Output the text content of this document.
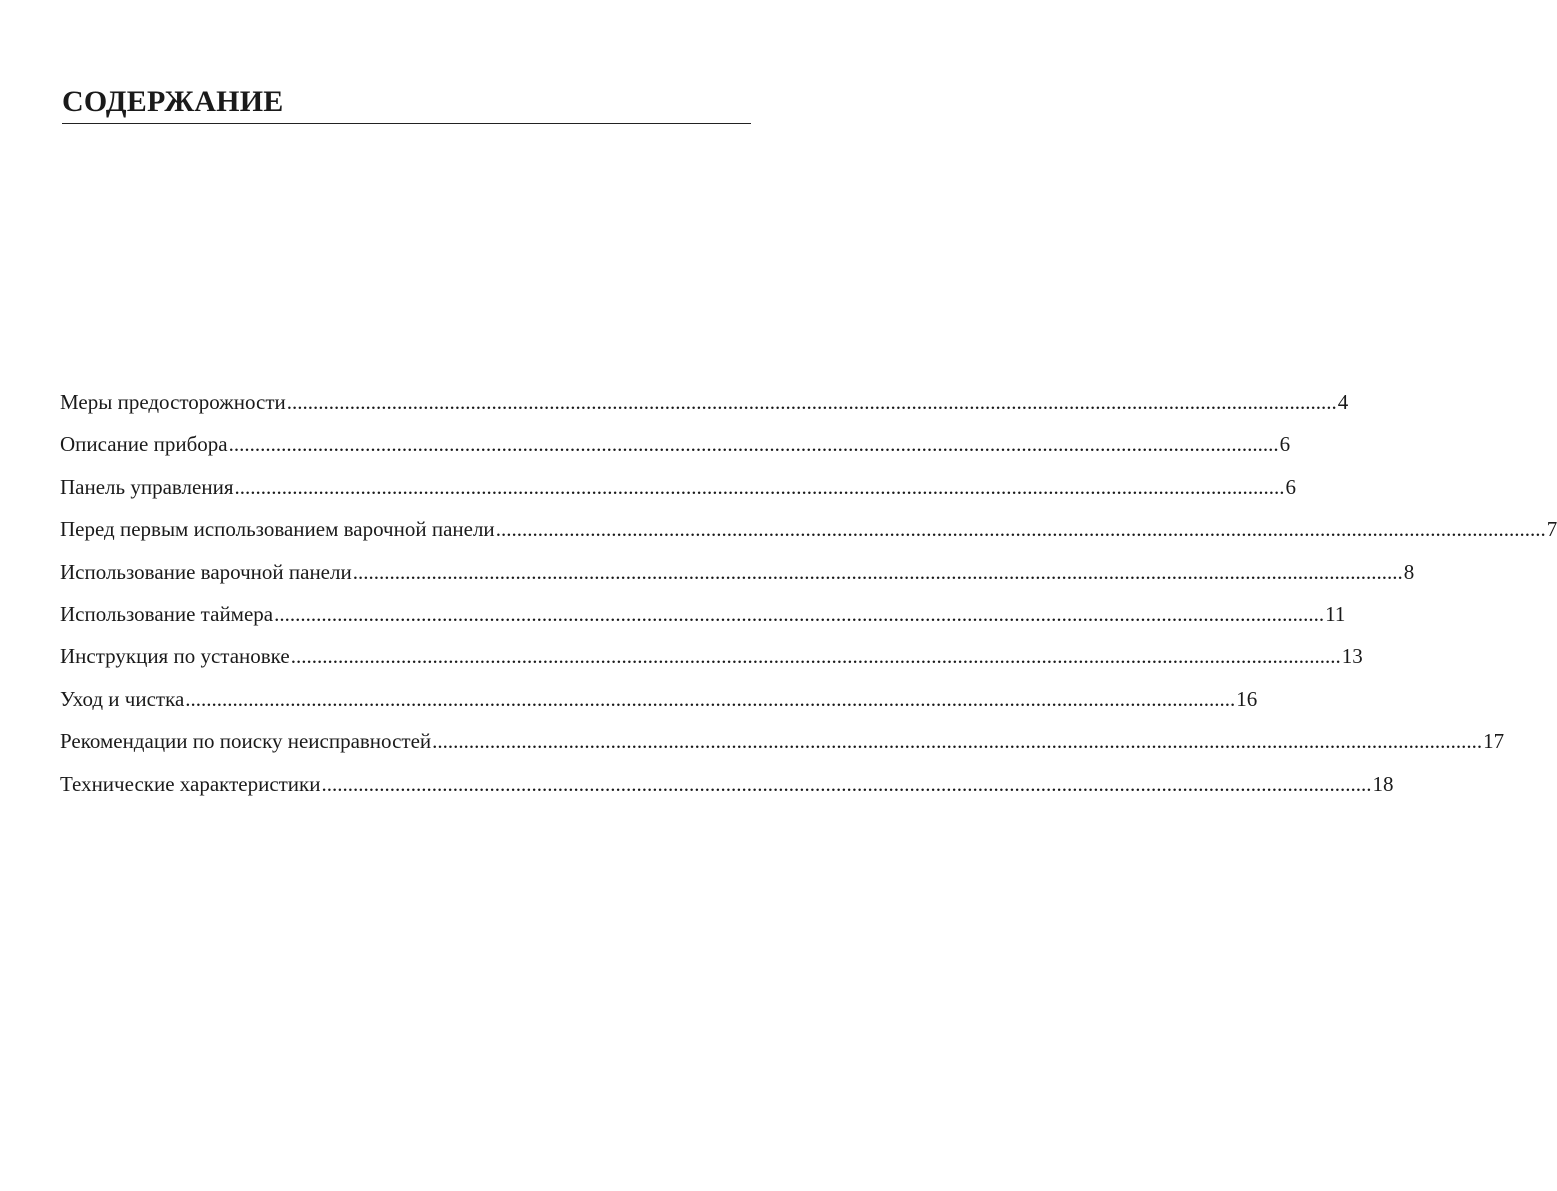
СОДЕРЖАНИЕ
Меры предосторожности ........................................................................................................................................................................................................ 4
Описание прибора ........................................................................................................................................................................................................ 6
Панель управления ........................................................................................................................................................................................................ 6
Перед первым использованием варочной панели ........................................................................................................................................................................................................ 7
Использование варочной панели ........................................................................................................................................................................................................ 8
Использование таймера ........................................................................................................................................................................................................ 11
Инструкция по установке ........................................................................................................................................................................................................ 13
Уход и чистка ........................................................................................................................................................................................................ 16
Рекомендации по поиску неисправностей ........................................................................................................................................................................................................ 17
Технические характеристики ........................................................................................................................................................................................................ 18
